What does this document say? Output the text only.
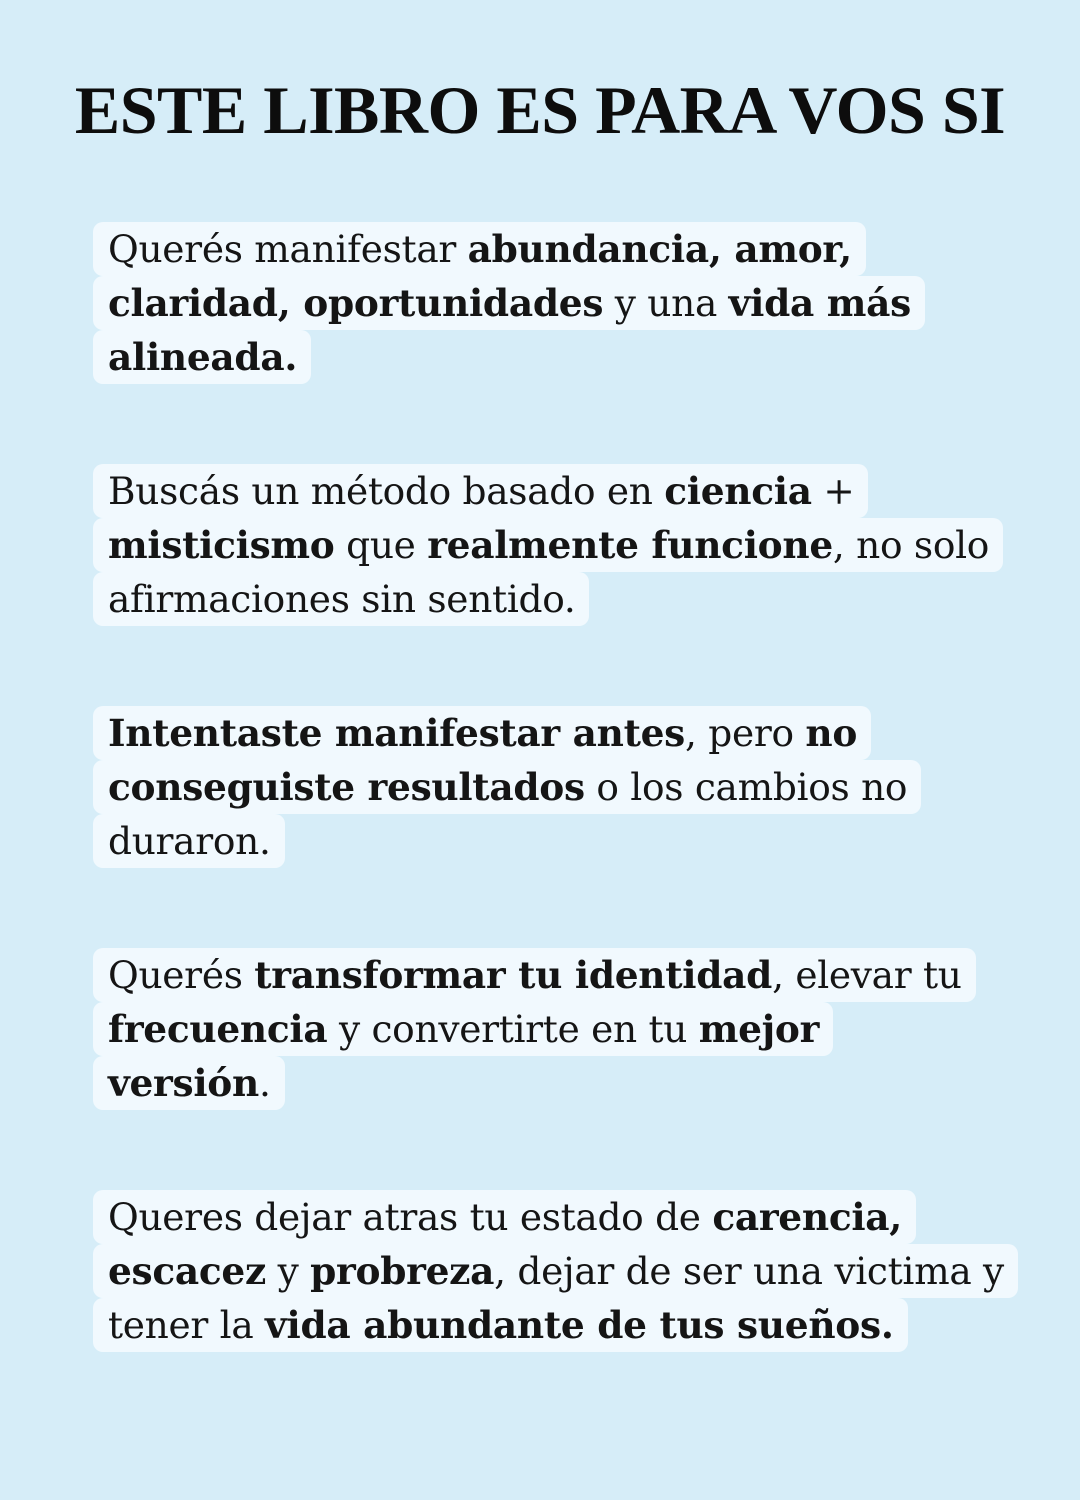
ESTE LIBRO ES PARA VOS SI
Querés manifestar abundancia, amor,
claridad, oportunidades y una vida más
alineada.
Buscás un método basado en ciencia +
misticismo que realmente funcione, no solo
afirmaciones sin sentido.
Intentaste manifestar antes, pero no
conseguiste resultados o los cambios no
duraron.
Querés transformar tu identidad, elevar tu
frecuencia y convertirte en tu mejor
versión.
Queres dejar atras tu estado de carencia,
escacez y probreza, dejar de ser una victima y
tener la vida abundante de tus sueños.
